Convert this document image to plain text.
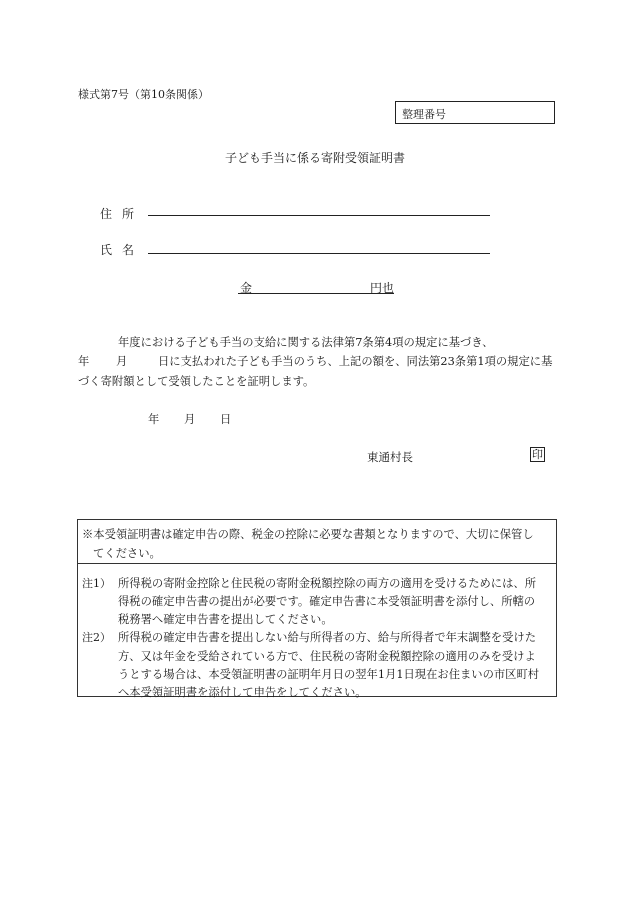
様式第7号（第10条関係）
整理番号
子ども手当に係る寄附受領証明書
住 所
氏 名
金	円也
年度における子ども手当の支給に関する法律第7条第4項の規定に基づき、
年 月	日に支払われた子ども手当のうち、上記の額を、同法第23条第1項の規定に基
づく寄附額として受領したことを証明します。
年 月 日
東通村長	印
※本受領証明書は確定申告の際、税金の控除に必要な書類となりますので、大切に保管し
てください。
注1） 所得税の寄附金控除と住民税の寄附金税額控除の両方の適用を受けるためには、所
得税の確定申告書の提出が必要です。確定申告書に本受領証明書を添付し、所轄の
税務署へ確定申告書を提出してください。
注2） 所得税の確定申告書を提出しない給与所得者の方、給与所得者で年末調整を受けた
方、又は年金を受給されている方で、住民税の寄附金税額控除の適用のみを受けよ
うとする場合は、本受領証明書の証明年月日の翌年1月1日現在お住まいの市区町村
へ本受領証明書を添付して申告をしてください。
